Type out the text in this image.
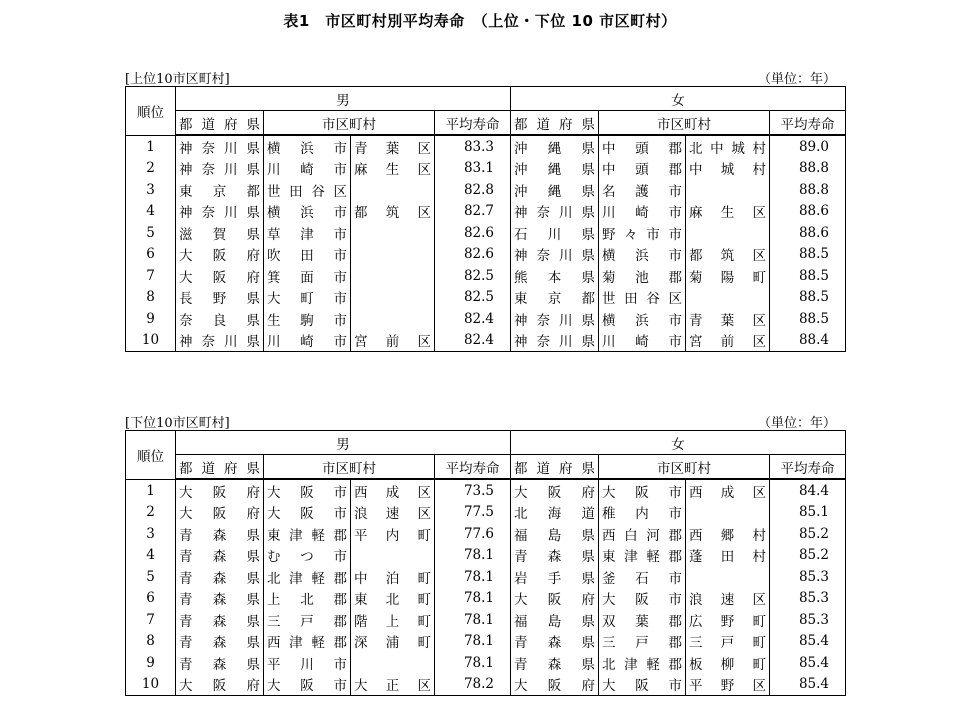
表1　市区町村別平均寿命　（上位・下位 10 市区町村）
[上位10市区町村]	（単位：年）
順位	男				女			
	都道府県	市区町村		平均寿命	都道府県	市区町村		平均寿命
1	神奈川県	横浜市	青葉区	83.3	沖縄県	中頭郡	北中城村	89.0
2	神奈川県	川崎市	麻生区	83.1	沖縄県	中頭郡	中城村	88.8
3	東京都	世田谷区		82.8	沖縄県	名護市		88.8
4	神奈川県	横浜市	都筑区	82.7	神奈川県	川崎市	麻生区	88.6
5	滋賀県	草津市		82.6	石川県	野々市市		88.6
6	大阪府	吹田市		82.6	神奈川県	横浜市	都筑区	88.5
7	大阪府	箕面市		82.5	熊本県	菊池郡	菊陽町	88.5
8	長野県	大町市		82.5	東京都	世田谷区		88.5
9	奈良県	生駒市		82.4	神奈川県	横浜市	青葉区	88.5
10	神奈川県	川崎市	宮前区	82.4	神奈川県	川崎市	宮前区	88.4
[下位10市区町村]	（単位：年）
順位	男				女			
	都道府県	市区町村		平均寿命	都道府県	市区町村		平均寿命
1	大阪府	大阪市	西成区	73.5	大阪府	大阪市	西成区	84.4
2	大阪府	大阪市	浪速区	77.5	北海道	稚内市		85.1
3	青森県	東津軽郡	平内町	77.6	福島県	西白河郡	西郷村	85.2
4	青森県	むつ市		78.1	青森県	東津軽郡	蓬田村	85.2
5	青森県	北津軽郡	中泊町	78.1	岩手県	釜石市		85.3
6	青森県	上北郡	東北町	78.1	大阪府	大阪市	浪速区	85.3
7	青森県	三戸郡	階上町	78.1	福島県	双葉郡	広野町	85.3
8	青森県	西津軽郡	深浦町	78.1	青森県	三戸郡	三戸町	85.4
9	青森県	平川市		78.1	青森県	北津軽郡	板柳町	85.4
10	大阪府	大阪市	大正区	78.2	大阪府	大阪市	平野区	85.4
